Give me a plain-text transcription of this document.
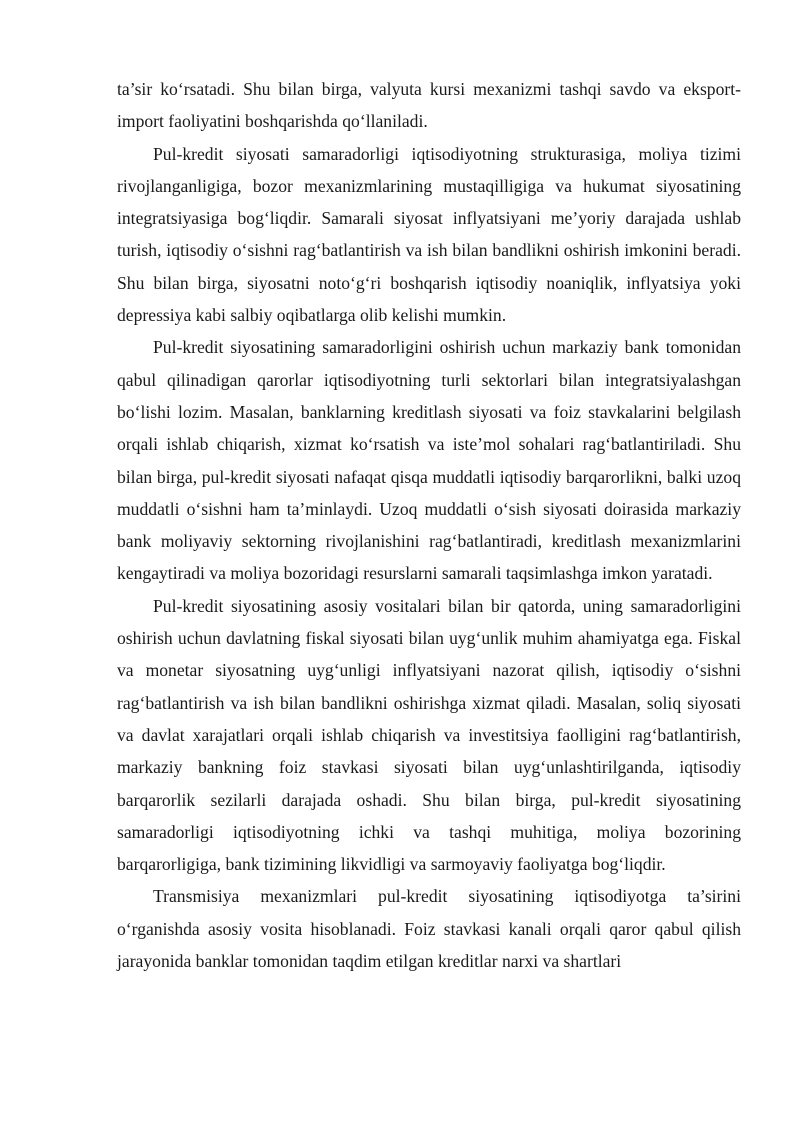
ta’sir ko‘rsatadi. Shu bilan birga, valyuta kursi mexanizmi tashqi savdo va eksport-import faoliyatini boshqarishda qo‘llaniladi.

Pul-kredit siyosati samaradorligi iqtisodiyotning strukturasiga, moliya tizimi rivojlanganligiga, bozor mexanizmlarining mustaqilligiga va hukumat siyosatining integratsiyasiga bog‘liqdir. Samarali siyosat inflyatsiyani me’yoriy darajada ushlab turish, iqtisodiy o‘sishni rag‘batlantirish va ish bilan bandlikni oshirish imkonini beradi. Shu bilan birga, siyosatni noto‘g‘ri boshqarish iqtisodiy noaniqlik, inflyatsiya yoki depressiya kabi salbiy oqibatlarga olib kelishi mumkin.

Pul-kredit siyosatining samaradorligini oshirish uchun markaziy bank tomonidan qabul qilinadigan qarorlar iqtisodiyotning turli sektorlari bilan integratsiyalashgan bo‘lishi lozim. Masalan, banklarning kreditlash siyosati va foiz stavkalarini belgilash orqali ishlab chiqarish, xizmat ko‘rsatish va iste’mol sohalari rag‘batlantiriladi. Shu bilan birga, pul-kredit siyosati nafaqat qisqa muddatli iqtisodiy barqarorlikni, balki uzoq muddatli o‘sishni ham ta’minlaydi. Uzoq muddatli o‘sish siyosati doirasida markaziy bank moliyaviy sektorning rivojlanishini rag‘batlantiradi, kreditlash mexanizmlarini kengaytiradi va moliya bozoridagi resurslarni samarali taqsimlashga imkon yaratadi.

Pul-kredit siyosatining asosiy vositalari bilan bir qatorda, uning samaradorligini oshirish uchun davlatning fiskal siyosati bilan uyg‘unlik muhim ahamiyatga ega. Fiskal va monetar siyosatning uyg‘unligi inflyatsiyani nazorat qilish, iqtisodiy o‘sishni rag‘batlantirish va ish bilan bandlikni oshirishga xizmat qiladi. Masalan, soliq siyosati va davlat xarajatlari orqali ishlab chiqarish va investitsiya faolligini rag‘batlantirish, markaziy bankning foiz stavkasi siyosati bilan uyg‘unlashtirilganda, iqtisodiy barqarorlik sezilarli darajada oshadi. Shu bilan birga, pul-kredit siyosatining samaradorligi iqtisodiyotning ichki va tashqi muhitiga, moliya bozorining barqarorligiga, bank tizimining likvidligi va sarmoyaviy faoliyatga bog‘liqdir.

Transmisiya mexanizmlari pul-kredit siyosatining iqtisodiyotga ta’sirini o‘rganishda asosiy vosita hisoblanadi. Foiz stavkasi kanali orqali qaror qabul qilish jarayonida banklar tomonidan taqdim etilgan kreditlar narxi va shartlari
